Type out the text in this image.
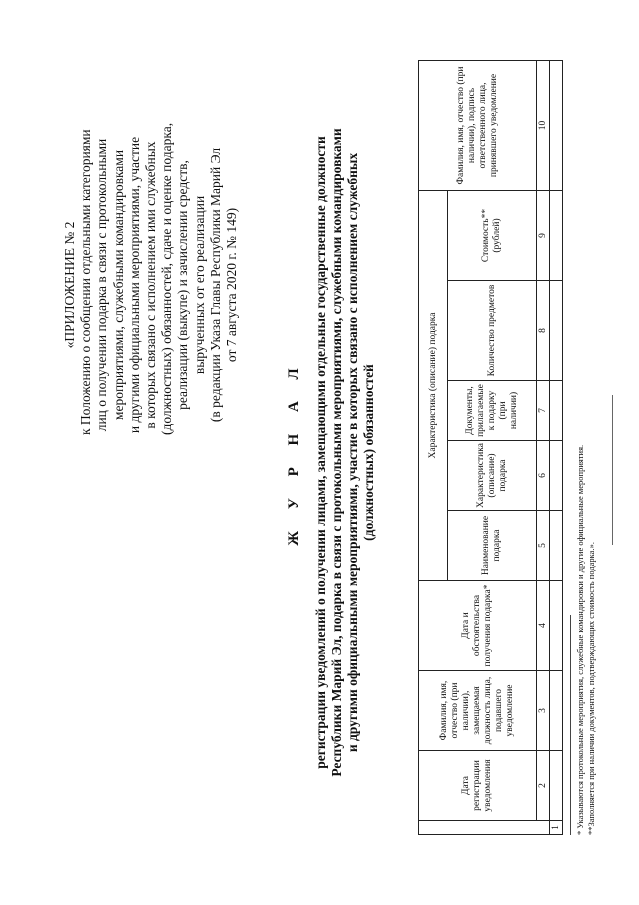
«ПРИЛОЖЕНИЕ № 2 к Положению о сообщении отдельными категориями лиц о получении подарка в связи с протокольными мероприятиями, служебными командировками и другими официальными мероприятиями, участие в которых связано с исполнением ими служебных (должностных) обязанностей, сдаче и оценке подарка, реализации (выкупе) и зачислении средств, вырученных от его реализации (в редакции Указа Главы Республики Марий Эл от 7 августа 2020 г. № 149)
Ж У Р Н А Л регистрации уведомлений о получении лицами, замещающими отдельные государственные должности Республики Марий Эл, подарка в связи с протокольными мероприятиями, служебными командировками и другими официальными мероприятиями, участие в которых связано с исполнением служебных (должностных) обязанностей
	Дата регистрации уведомления	Фамилия, имя, отчество (при наличии), замещаемая должность лица, подавшего уведомление	Дата и обстоятельства получения подарка*	Характеристика (описание) подарка					Фамилия, имя, отчество (при наличии), подпись ответственного лица, принявшего уведомление
				Наименование подарка	Характеристика (описание) подарка	Документы, прилагаемые к подарку (при наличии)	Количество предметов	Стоимость** (рублей)	
	2	3	4	5	6	7	8	9	10
1									* Указываются протокольные мероприятия, служебные командировки и другие официальные мероприятия. **Заполняется при наличии документов, подтверждающих стоимость подарка.».
